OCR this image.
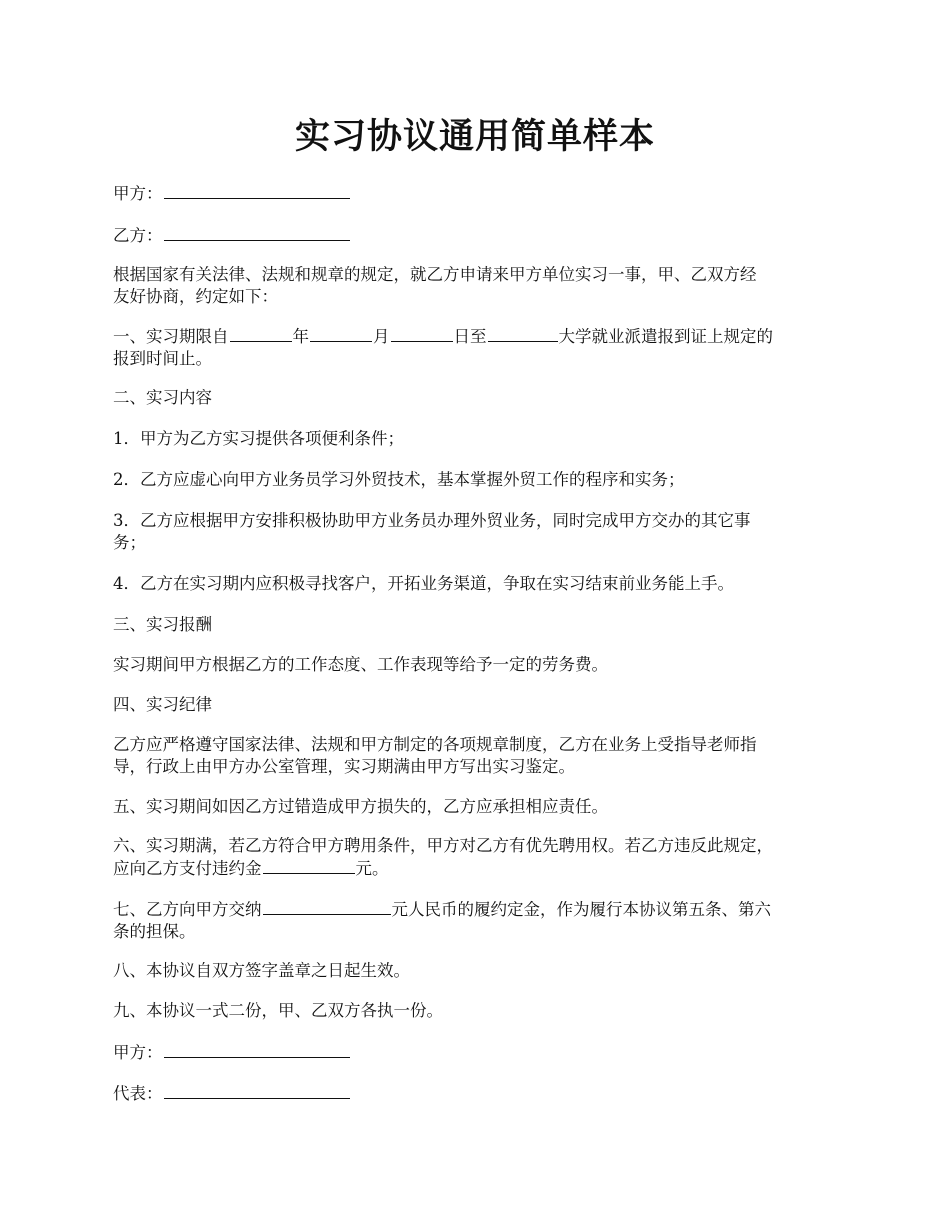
实习协议通用简单样本

甲方：

乙方：

根据国家有关法律、法规和规章的规定，就乙方申请来甲方单位实习一事，甲、乙双方经
友好协商，约定如下：

一、实习期限自	年	月	日至	大学就业派遣报到证上规定的
报到时间止。

二、实习内容

1．甲方为乙方实习提供各项便利条件；

2．乙方应虚心向甲方业务员学习外贸技术，基本掌握外贸工作的程序和实务；

3．乙方应根据甲方安排积极协助甲方业务员办理外贸业务，同时完成甲方交办的其它事
务；

4．乙方在实习期内应积极寻找客户，开拓业务渠道，争取在实习结束前业务能上手。

三、实习报酬

实习期间甲方根据乙方的工作态度、工作表现等给予一定的劳务费。

四、实习纪律

乙方应严格遵守国家法律、法规和甲方制定的各项规章制度，乙方在业务上受指导老师指
导，行政上由甲方办公室管理，实习期满由甲方写出实习鉴定。

五、实习期间如因乙方过错造成甲方损失的，乙方应承担相应责任。

六、实习期满，若乙方符合甲方聘用条件，甲方对乙方有优先聘用权。若乙方违反此规定，
应向乙方支付违约金	元。

七、乙方向甲方交纳	元人民币的履约定金，作为履行本协议第五条、第六
条的担保。

八、本协议自双方签字盖章之日起生效。

九、本协议一式二份，甲、乙双方各执一份。

甲方：

代表：
